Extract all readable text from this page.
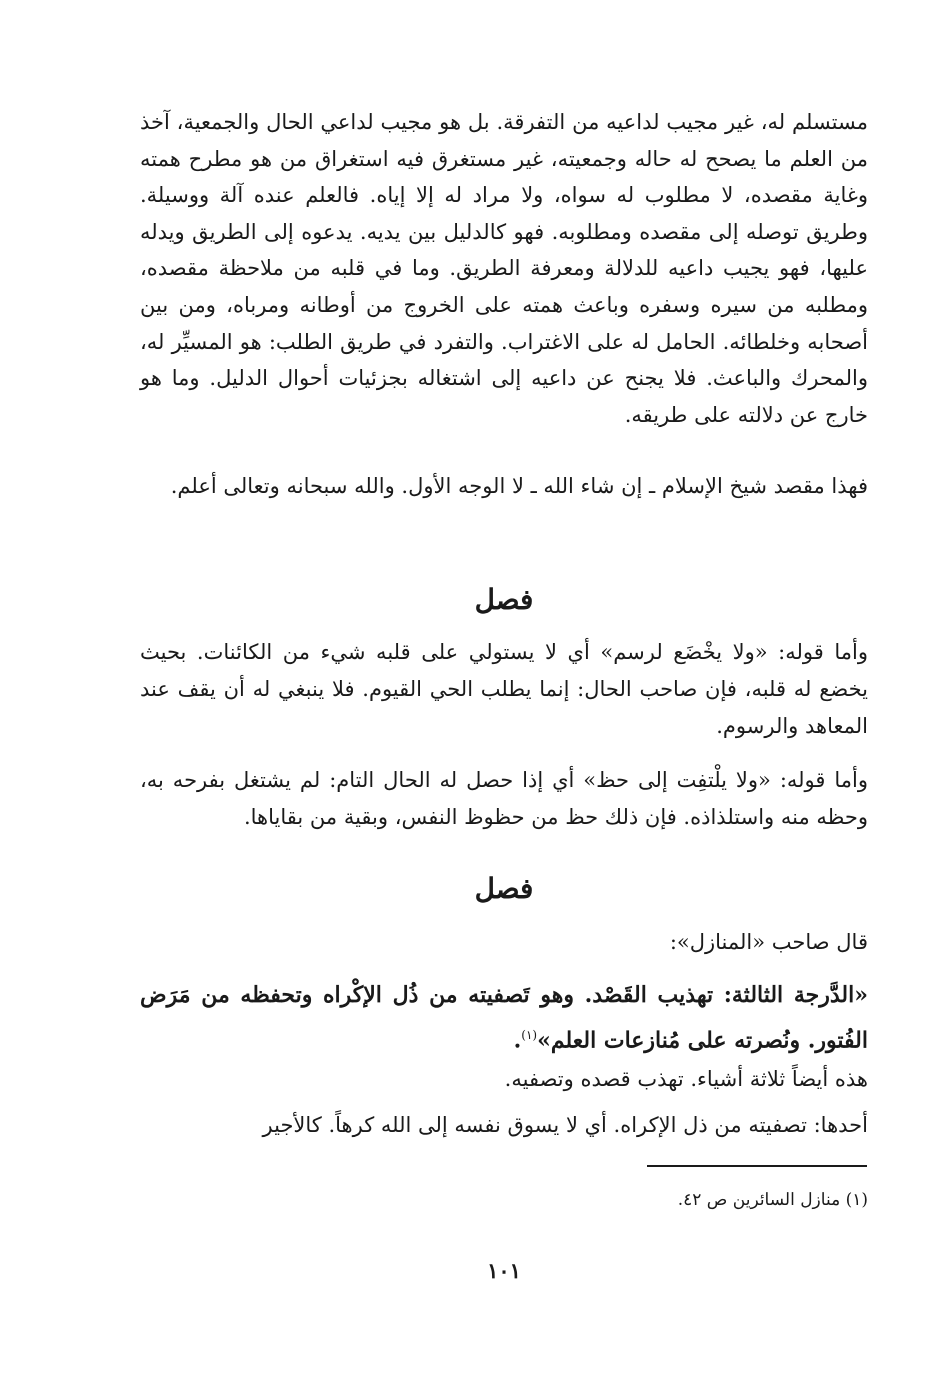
مستسلم له، غير مجيب لداعيه من التفرقة. بل هو مجيب لداعي الحال والجمعية، آخذ من العلم ما يصحح له حاله وجمعيته، غير مستغرق فيه استغراق من هو مطرح همته وغاية مقصده، لا مطلوب له سواه، ولا مراد له إلا إياه. فالعلم عنده آلة ووسيلة. وطريق توصله إلى مقصده ومطلوبه. فهو كالدليل بين يديه. يدعوه إلى الطريق ويدله عليها، فهو يجيب داعيه للدلالة ومعرفة الطريق. وما في قلبه من ملاحظة مقصده، ومطلبه من سيره وسفره وباعث همته على الخروج من أوطانه ومرباه، ومن بين أصحابه وخلطائه. الحامل له على الاغتراب. والتفرد في طريق الطلب: هو المسيِّر له، والمحرك والباعث. فلا يجنح عن داعيه إلى اشتغاله بجزئيات أحوال الدليل. وما هو خارج عن دلالته على طريقه.
فهذا مقصد شيخ الإسلام ـ إن شاء الله ـ لا الوجه الأول. والله سبحانه وتعالى أعلم.
فصل
وأما قوله: «ولا يخْضَع لرسم» أي لا يستولي على قلبه شيء من الكائنات. بحيث يخضع له قلبه، فإن صاحب الحال: إنما يطلب الحي القيوم. فلا ينبغي له أن يقف عند المعاهد والرسوم.
وأما قوله: «ولا يلْتفِت إلى حظ» أي إذا حصل له الحال التام: لم يشتغل بفرحه به، وحظه منه واستلذاذه. فإن ذلك حظ من حظوظ النفس، وبقية من بقاياها.
فصل
قال صاحب «المنازل»:
«الدَّرجة الثالثة: تهذيب القَصْد. وهو تَصفيته من ذُل الإكْراه وتحفظه من مَرَض الفُتور. ونُصرته على مُنازعات العلم»$^{(١)}$.
هذه أيضاً ثلاثة أشياء. تهذب قصده وتصفيه.
أحدها: تصفيته من ذل الإكراه. أي لا يسوق نفسه إلى الله كرهاً. كالأجير
(١) منازل السائرين ص ٤٢.
١٠١
